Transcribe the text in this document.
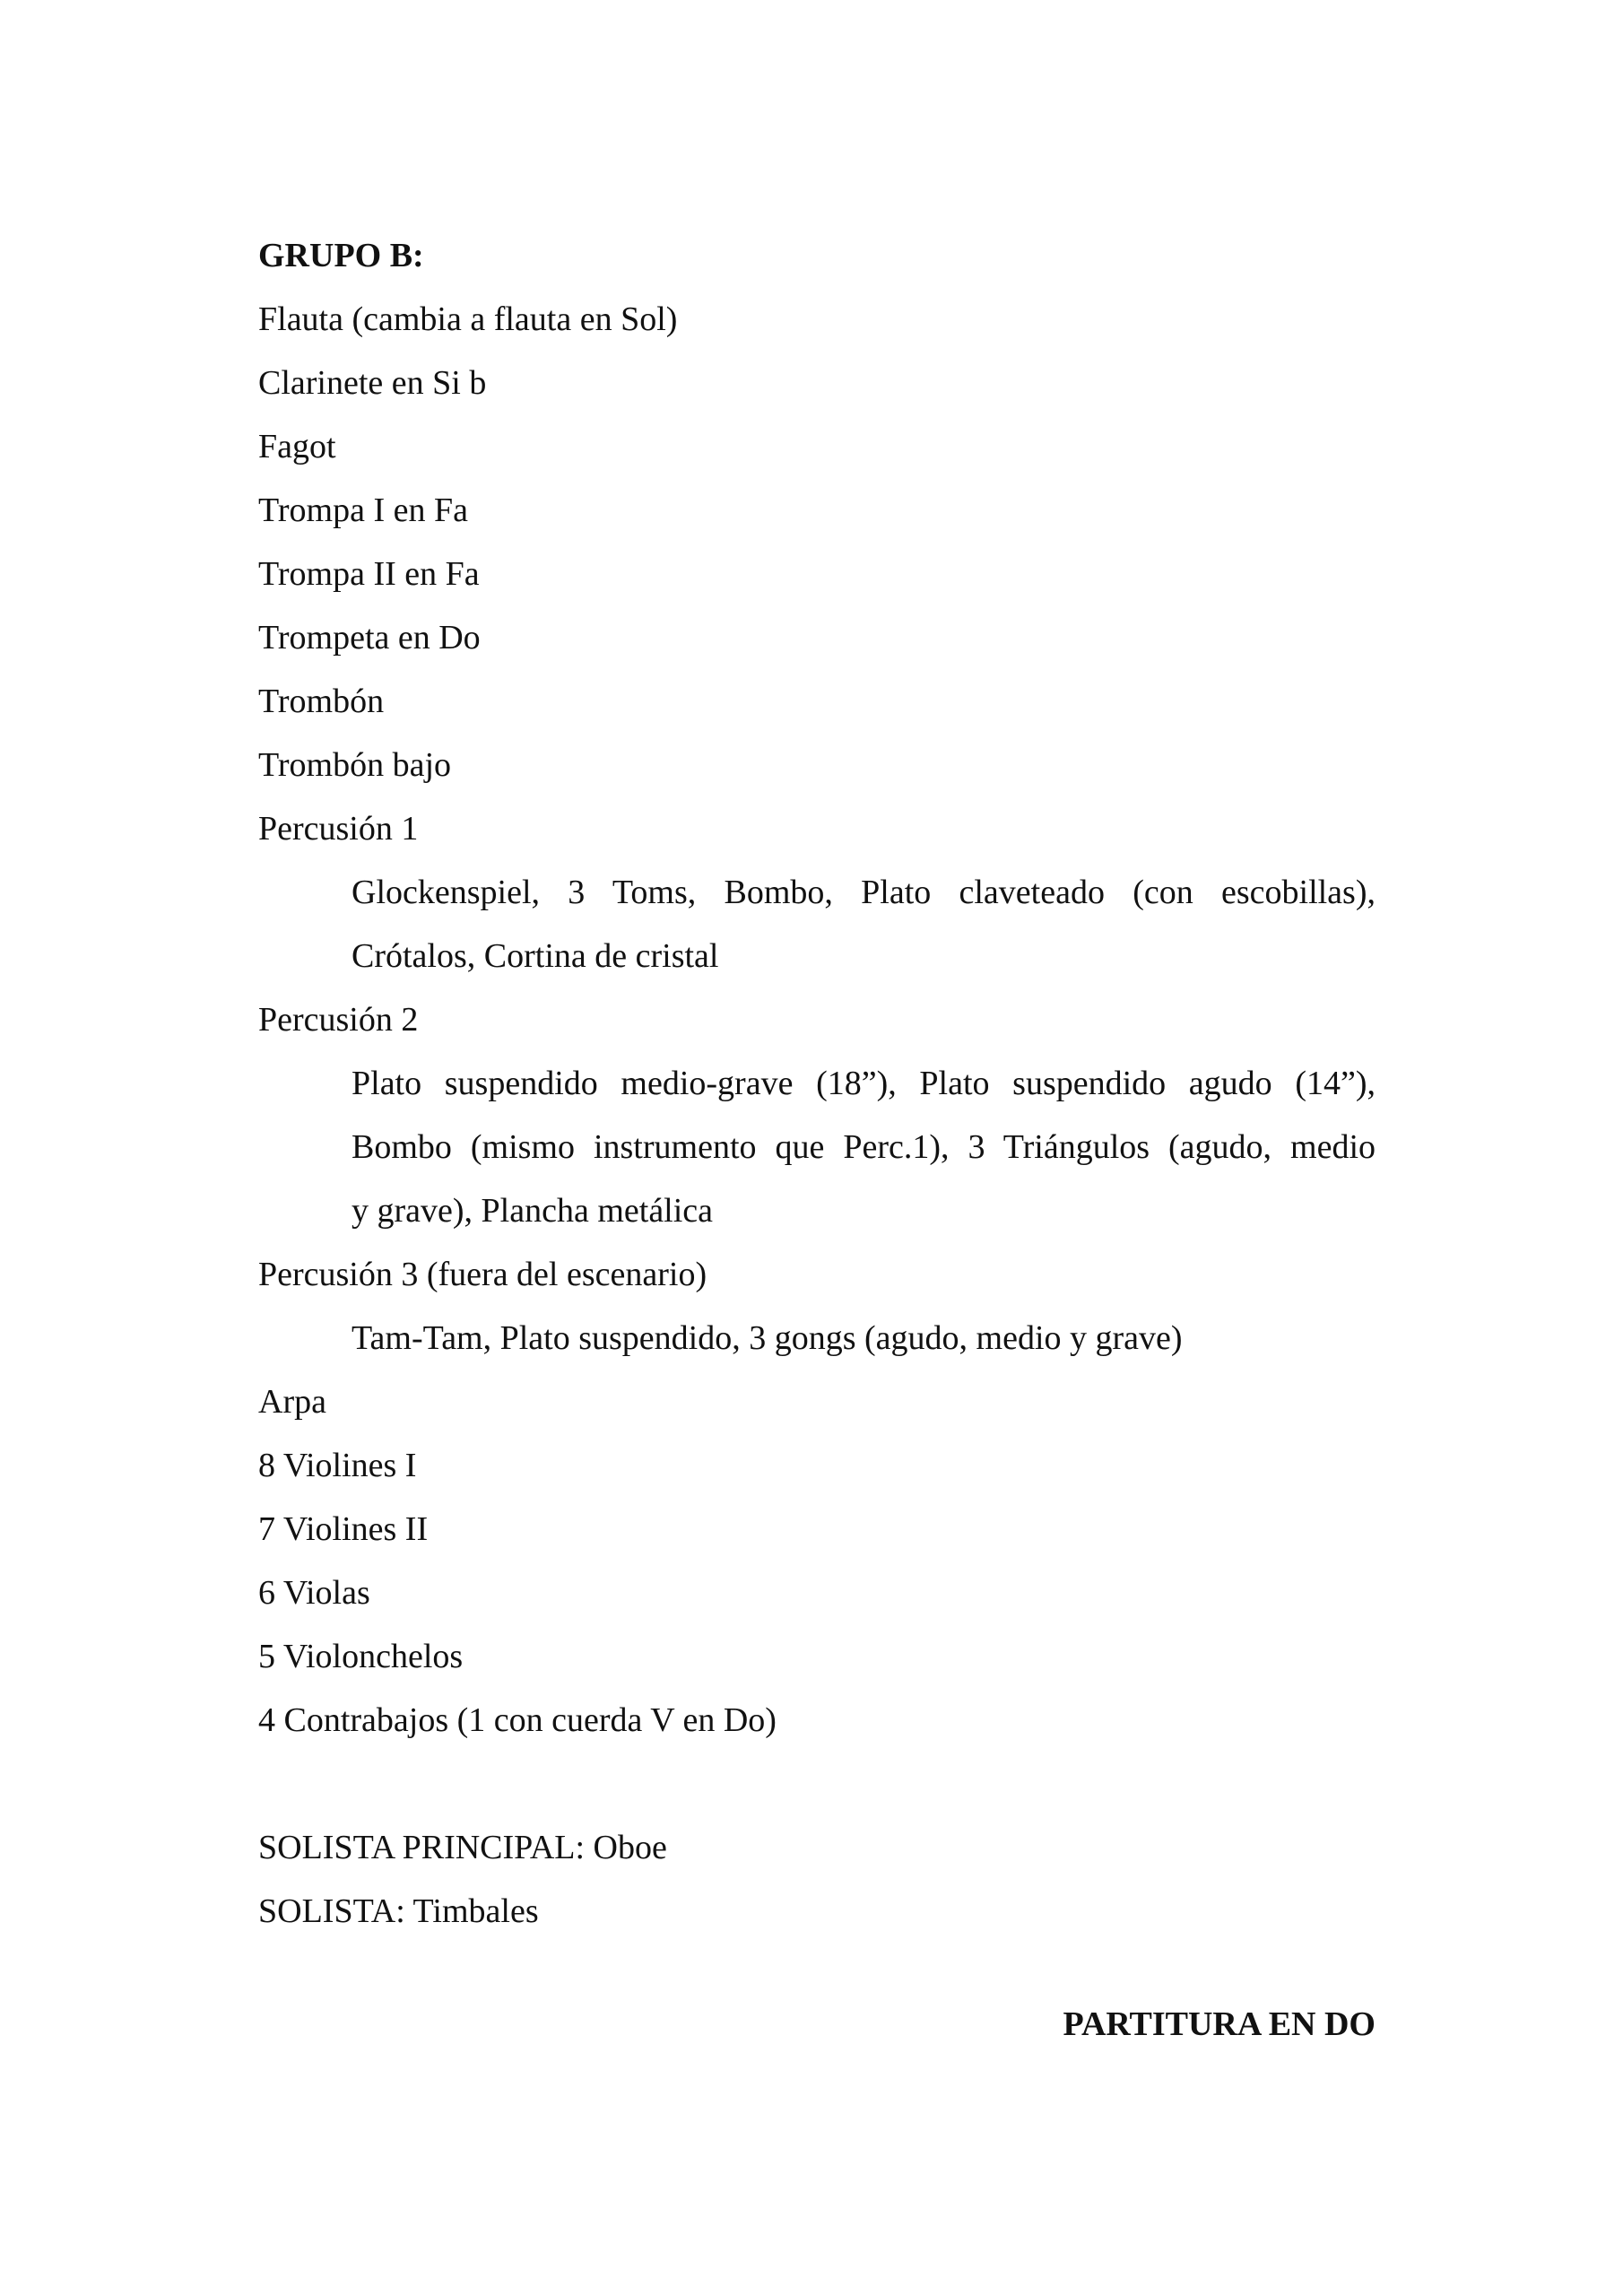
GRUPO B:
Flauta (cambia a flauta en Sol)
Clarinete en Si b
Fagot
Trompa I en Fa
Trompa II en Fa
Trompeta en Do
Trombón
Trombón bajo
Percusión 1
Glockenspiel, 3 Toms, Bombo, Plato claveteado (con escobillas),
Crótalos, Cortina de cristal
Percusión 2
Plato suspendido medio-grave (18”), Plato suspendido agudo (14”),
Bombo (mismo instrumento que Perc.1), 3 Triángulos (agudo, medio
y grave), Plancha metálica
Percusión 3 (fuera del escenario)
Tam-Tam, Plato suspendido, 3 gongs (agudo, medio y grave)
Arpa
8 Violines I
7 Violines II
6 Violas
5 Violonchelos
4 Contrabajos (1 con cuerda V en Do)
SOLISTA PRINCIPAL: Oboe
SOLISTA: Timbales
PARTITURA EN DO
